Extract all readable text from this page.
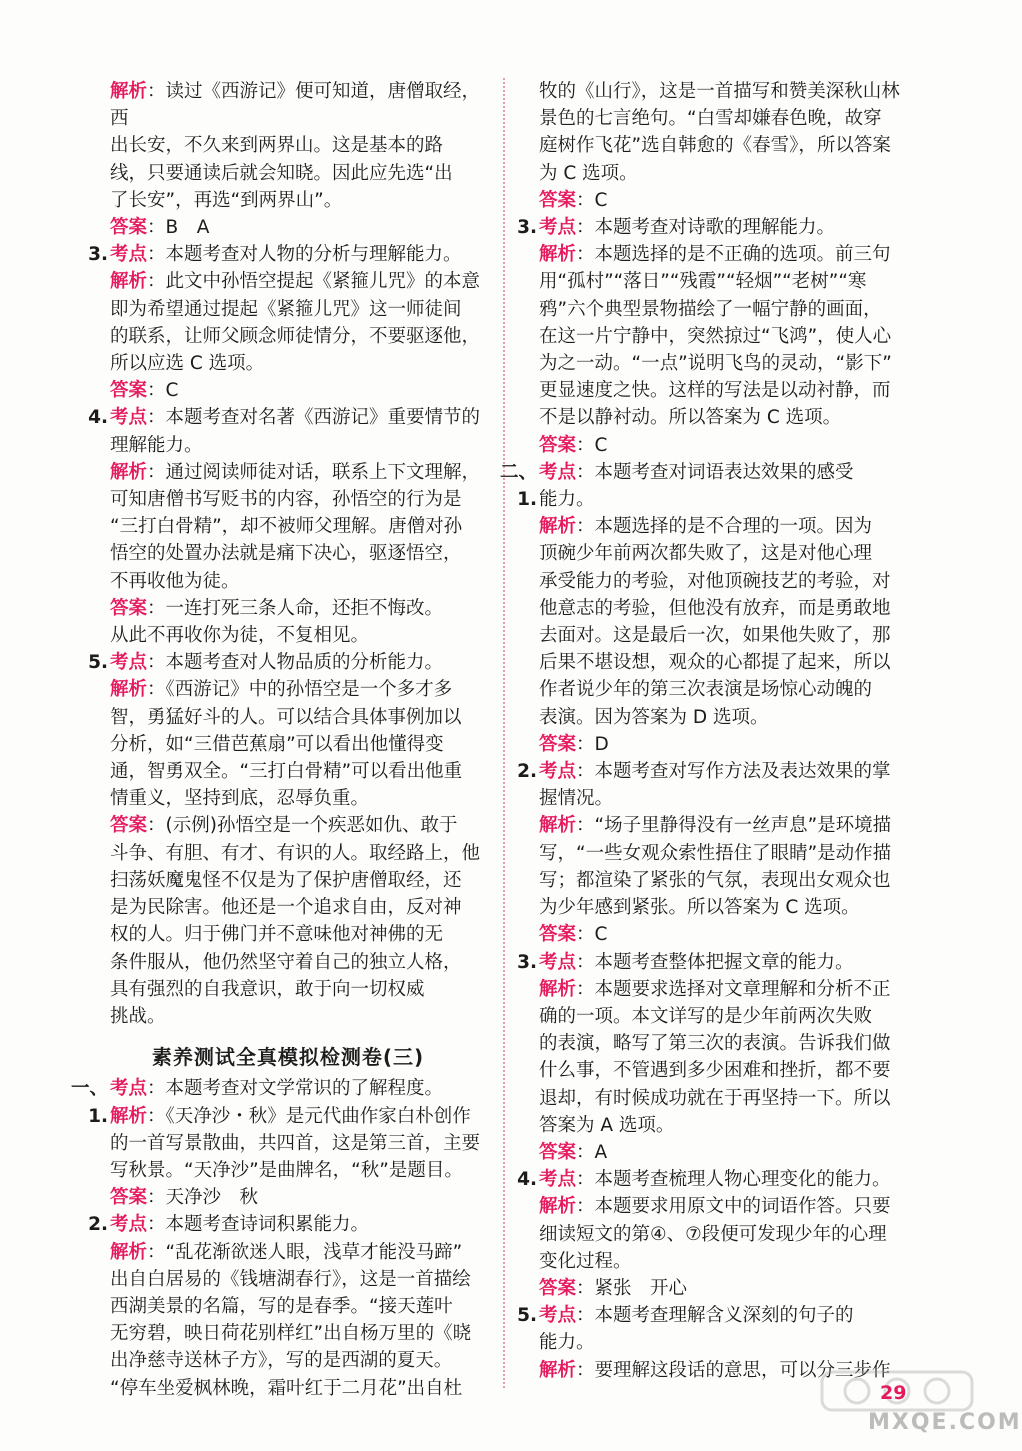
解析：读过《西游记》便可知道，唐僧取经，西
出长安，不久来到两界山。这是基本的路
线，只要通读后就会知晓。因此应先选“出
了长安”，再选“到两界山”。
答案：B　A
3. 考点：本题考查对人物的分析与理解能力。
解析：此文中孙悟空提起《紧箍儿咒》的本意
即为希望通过提起《紧箍儿咒》这一师徒间
的联系，让师父顾念师徒情分，不要驱逐他，
所以应选 C 选项。
答案：C
4. 考点：本题考查对名著《西游记》重要情节的
理解能力。
解析：通过阅读师徒对话，联系上下文理解，
可知唐僧书写贬书的内容，孙悟空的行为是
“三打白骨精”，却不被师父理解。唐僧对孙
悟空的处置办法就是痛下决心，驱逐悟空，
不再收他为徒。
答案：一连打死三条人命，还拒不悔改。
从此不再收你为徒，不复相见。
5. 考点：本题考查对人物品质的分析能力。
解析：《西游记》中的孙悟空是一个多才多
智，勇猛好斗的人。可以结合具体事例加以
分析，如“三借芭蕉扇”可以看出他懂得变
通，智勇双全。“三打白骨精”可以看出他重
情重义，坚持到底，忍辱负重。
答案：(示例)孙悟空是一个疾恶如仇、敢于
斗争、有胆、有才、有识的人。取经路上，他
扫荡妖魔鬼怪不仅是为了保护唐僧取经，还
是为民除害。他还是一个追求自由，反对神
权的人。归于佛门并不意味他对神佛的无
条件服从，他仍然坚守着自己的独立人格，
具有强烈的自我意识，敢于向一切权威
挑战。
素养测试全真模拟检测卷(三)
一、1.
考点：本题考查对文学常识的了解程度。
解析：《天净沙・秋》是元代曲作家白朴创作
的一首写景散曲，共四首，这是第三首，主要
写秋景。“天净沙”是曲牌名，“秋”是题目。
答案：天净沙　秋
2. 考点：本题考查诗词积累能力。
解析：“乱花渐欲迷人眼，浅草才能没马蹄”
出自白居易的《钱塘湖春行》，这是一首描绘
西湖美景的名篇，写的是春季。“接天莲叶
无穷碧，映日荷花别样红”出自杨万里的《晓
出净慈寺送林子方》，写的是西湖的夏天。
“停车坐爱枫林晚，霜叶红于二月花”出自杜
牧的《山行》，这是一首描写和赞美深秋山林
景色的七言绝句。“白雪却嫌春色晚，故穿
庭树作飞花”选自韩愈的《春雪》，所以答案
为 C 选项。
答案：C
3. 考点：本题考查对诗歌的理解能力。
解析：本题选择的是不正确的选项。前三句
用“孤村”“落日”“残霞”“轻烟”“老树”“寒
鸦”六个典型景物描绘了一幅宁静的画面，
在这一片宁静中，突然掠过“飞鸿”，使人心
为之一动。“一点”说明飞鸟的灵动，“影下”
更显速度之快。这样的写法是以动衬静，而
不是以静衬动。所以答案为 C 选项。
答案：C
二、1.
考点：本题考查对词语表达效果的感受
能力。
解析：本题选择的是不合理的一项。因为
顶碗少年前两次都失败了，这是对他心理
承受能力的考验，对他顶碗技艺的考验，对
他意志的考验，但他没有放弃，而是勇敢地
去面对。这是最后一次，如果他失败了，那
后果不堪设想，观众的心都提了起来，所以
作者说少年的第三次表演是场惊心动魄的
表演。因为答案为 D 选项。
答案：D
2. 考点：本题考查对写作方法及表达效果的掌
握情况。
解析：“场子里静得没有一丝声息”是环境描
写，“一些女观众索性捂住了眼睛”是动作描
写；都渲染了紧张的气氛，表现出女观众也
为少年感到紧张。所以答案为 C 选项。
答案：C
3. 考点：本题考查整体把握文章的能力。
解析：本题要求选择对文章理解和分析不正
确的一项。本文详写的是少年前两次失败
的表演，略写了第三次的表演。告诉我们做
什么事，不管遇到多少困难和挫折，都不要
退却，有时候成功就在于再坚持一下。所以
答案为 A 选项。
答案：A
4. 考点：本题考查梳理人物心理变化的能力。
解析：本题要求用原文中的词语作答。只要
细读短文的第④、⑦段便可发现少年的心理
变化过程。
答案：紧张　开心
5. 考点：本题考查理解含义深刻的句子的
能力。
解析：要理解这段话的意思，可以分三步作
29
MXQE.COM
